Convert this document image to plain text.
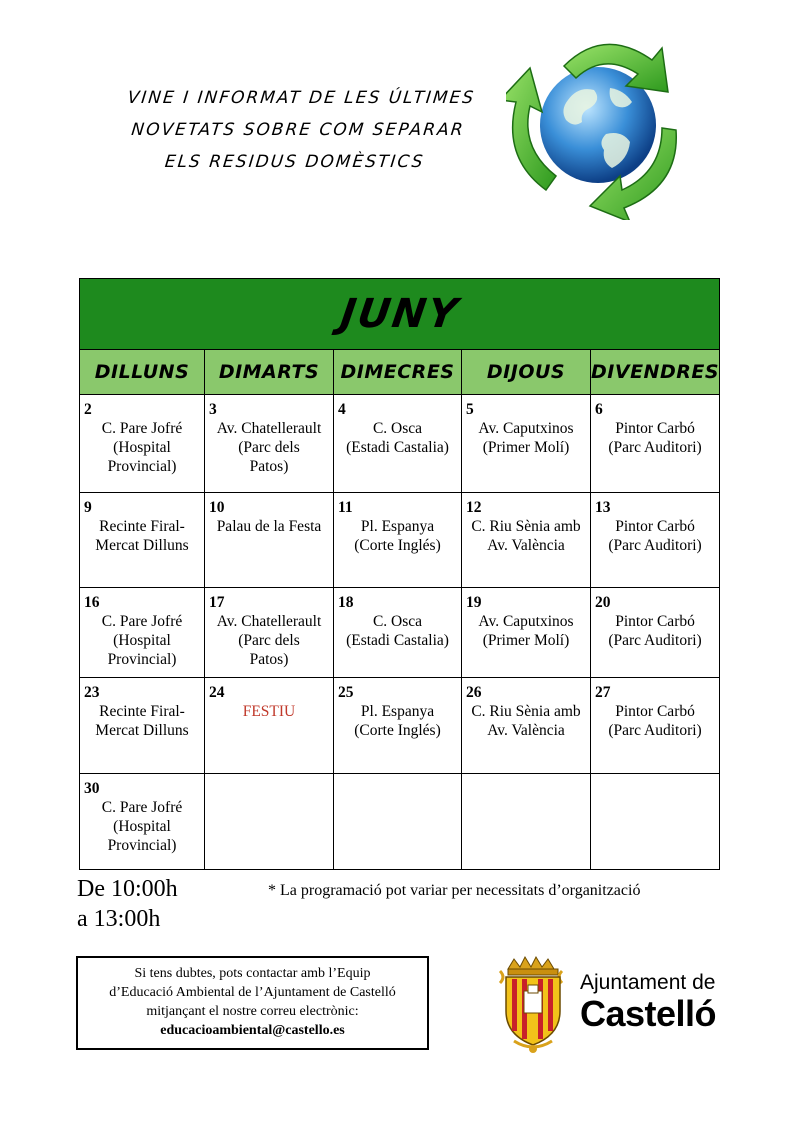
VINE I INFORMAT DE LES ÚLTIMES
NOVETATS SOBRE COM SEPARAR
ELS RESIDUS DOMÈSTICS
JUNY				
DILLUNS	DIMARTS	DIMECRES	DIJOUS	DIVENDRES

2
C. Pare Jofré
(Hospital
Provincial)	3
Av. Chatellerault
(Parc dels
Patos)	4
C. Osca
(Estadi Castalia)	5
Av. Caputxinos
(Primer Molí)	6
Pintor Carbó
(Parc Auditori)

9
Recinte Firal-
Mercat Dilluns	10
Palau de la Festa	11
Pl. Espanya
(Corte Inglés)	12
C. Riu Sènia amb
Av. València	13
Pintor Carbó
(Parc Auditori)

16
C. Pare Jofré
(Hospital
Provincial)	17
Av. Chatellerault
(Parc dels
Patos)	18
C. Osca
(Estadi Castalia)	19
Av. Caputxinos
(Primer Molí)	20
Pintor Carbó
(Parc Auditori)

23
Recinte Firal-
Mercat Dilluns	24
FESTIU	25
Pl. Espanya
(Corte Inglés)	26
C. Riu Sènia amb
Av. València	27
Pintor Carbó
(Parc Auditori)

30
C. Pare Jofré
(Hospital
Provincial)				

De 10:00h
a 13:00h
* La programació pot variar per necessitats d’organització
Si tens dubtes, pots contactar amb l’Equip
d’Educació Ambiental de l’Ajuntament de Castelló
mitjançant el nostre correu electrònic:
educacioambiental@castello.es
Ajuntament de
Castelló
